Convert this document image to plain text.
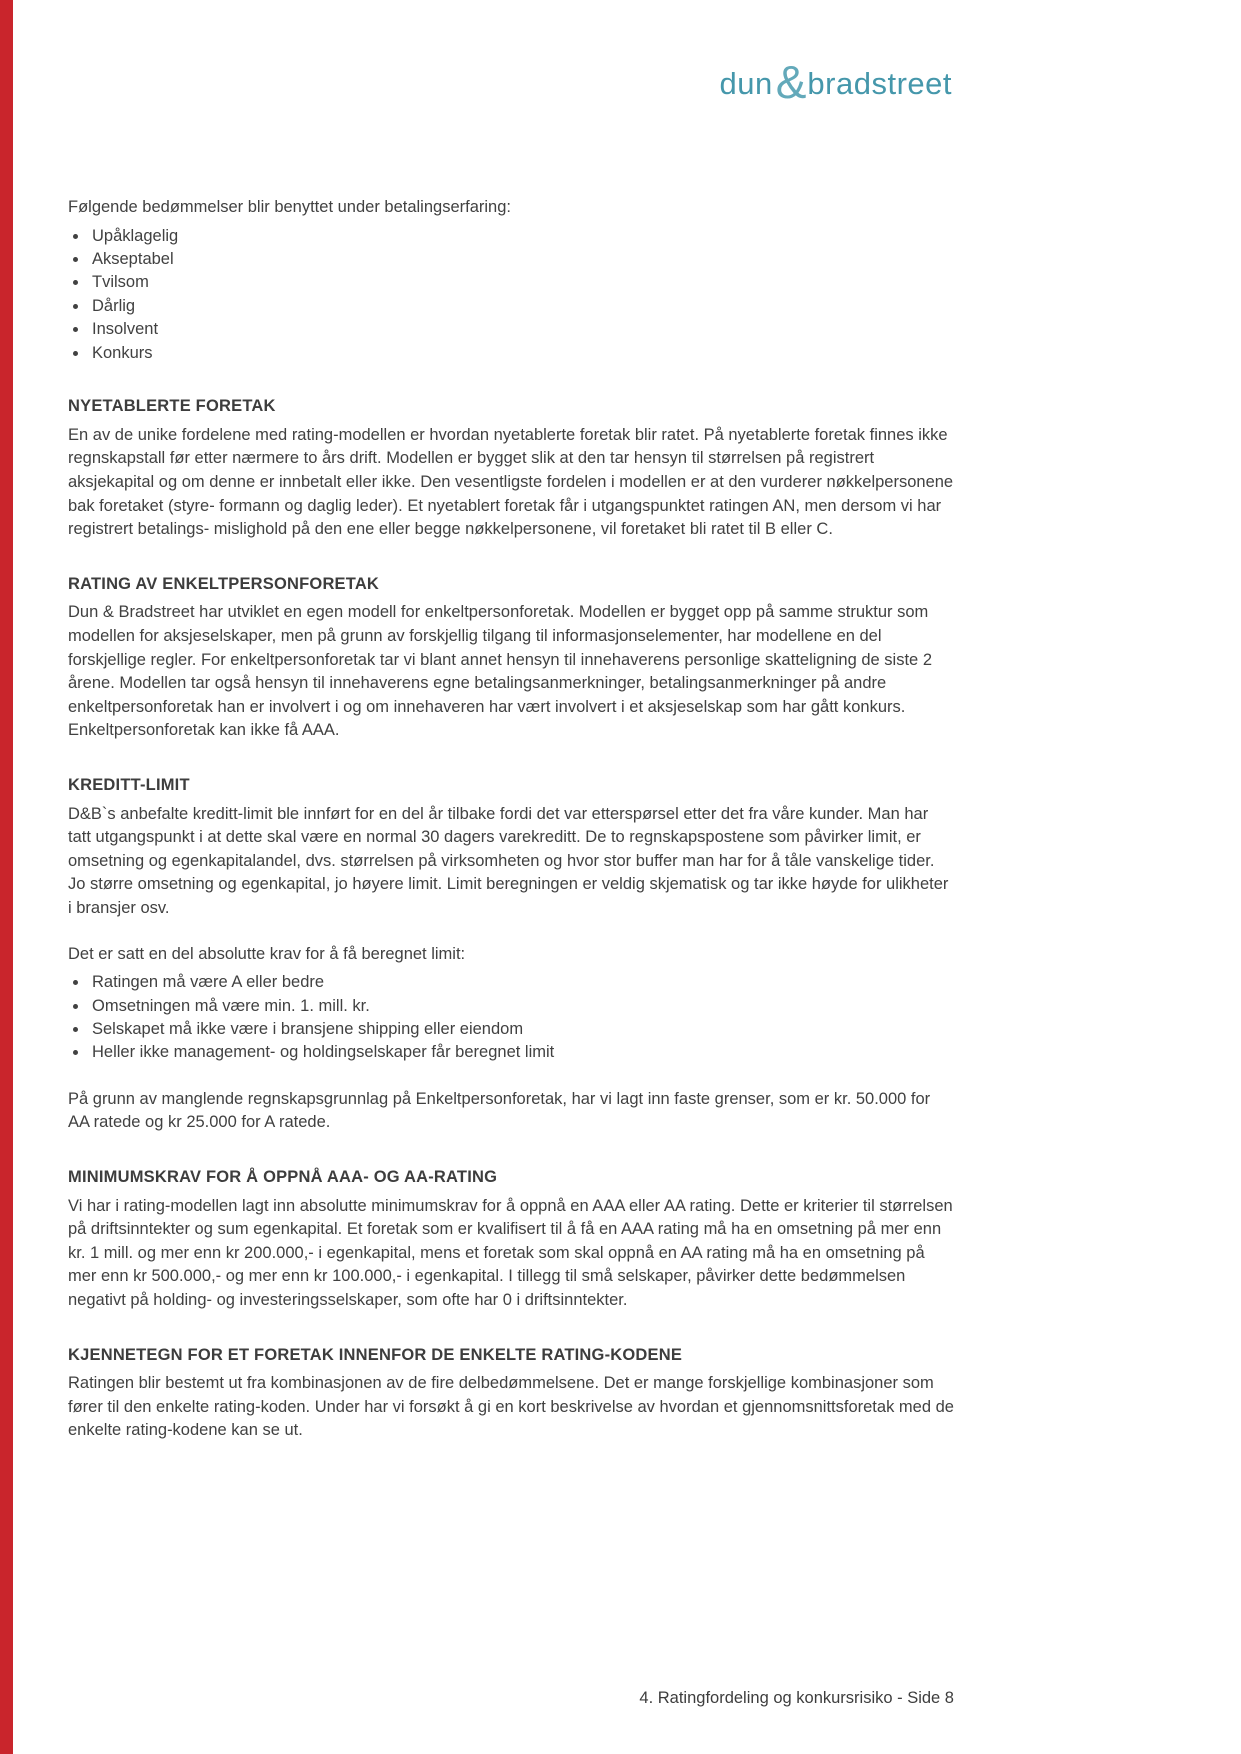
dun&bradstreet

Følgende bedømmelser blir benyttet under betalingserfaring:

• Upåklagelig
• Akseptabel
• Tvilsom
• Dårlig
• Insolvent
• Konkurs
NYETABLERTE FORETAK

En av de unike fordelene med rating-modellen er hvordan nyetablerte foretak blir ratet. På nyetablerte foretak finnes ikke regnskapstall før etter nærmere to års drift. Modellen er bygget slik at den tar hensyn til størrelsen på registrert aksjekapital og om denne er innbetalt eller ikke. Den vesentligste fordelen i modellen er at den vurderer nøkkelpersonene bak foretaket (styre- formann og daglig leder). Et nyetablert foretak får i utgangspunktet ratingen AN, men dersom vi har registrert betalings- mislighold på den ene eller begge nøkkelpersonene, vil foretaket bli ratet til B eller C.

RATING AV ENKELTPERSONFORETAK

Dun & Bradstreet har utviklet en egen modell for enkeltpersonforetak. Modellen er bygget opp på samme struktur som modellen for aksjeselskaper, men på grunn av forskjellig tilgang til informasjonselementer, har modellene en del forskjellige regler. For enkeltpersonforetak tar vi blant annet hensyn til innehaverens personlige skatteligning de siste 2 årene. Modellen tar også hensyn til innehaverens egne betalingsanmerkninger, betalingsanmerkninger på andre enkeltpersonforetak han er involvert i og om innehaveren har vært involvert i et aksjeselskap som har gått konkurs. Enkeltpersonforetak kan ikke få AAA.

KREDITT-LIMIT

D&B`s anbefalte kreditt-limit ble innført for en del år tilbake fordi det var etterspørsel etter det fra våre kunder. Man har tatt utgangspunkt i at dette skal være en normal 30 dagers varekreditt. De to regnskapspostene som påvirker limit, er omsetning og egenkapitalandel, dvs. størrelsen på virksomheten og hvor stor buffer man har for å tåle vanskelige tider. Jo større omsetning og egenkapital, jo høyere limit. Limit beregningen er veldig skjematisk og tar ikke høyde for ulikheter i bransjer osv.

Det er satt en del absolutte krav for å få beregnet limit:

• Ratingen må være A eller bedre
• Omsetningen må være min. 1. mill. kr.
• Selskapet må ikke være i bransjene shipping eller eiendom
• Heller ikke management- og holdingselskaper får beregnet limit

På grunn av manglende regnskapsgrunnlag på Enkeltpersonforetak, har vi lagt inn faste grenser, som er kr. 50.000 for AA ratede og kr 25.000 for A ratede.

MINIMUMSKRAV FOR Å OPPNÅ AAA- OG AA-RATING

Vi har i rating-modellen lagt inn absolutte minimumskrav for å oppnå en AAA eller AA rating. Dette er kriterier til størrelsen på driftsinntekter og sum egenkapital. Et foretak som er kvalifisert til å få en AAA rating må ha en omsetning på mer enn kr. 1 mill. og mer enn kr 200.000,- i egenkapital, mens et foretak som skal oppnå en AA rating må ha en omsetning på mer enn kr 500.000,- og mer enn kr 100.000,- i egenkapital. I tillegg til små selskaper, påvirker dette bedømmelsen negativt på holding- og investeringsselskaper, som ofte har 0 i driftsinntekter.

KJENNETEGN FOR ET FORETAK INNENFOR DE ENKELTE RATING-KODENE

Ratingen blir bestemt ut fra kombinasjonen av de fire delbedømmelsene. Det er mange forskjellige kombinasjoner som fører til den enkelte rating-koden. Under har vi forsøkt å gi en kort beskrivelse av hvordan et gjennomsnittsforetak med de enkelte rating-kodene kan se ut.

4. Ratingfordeling og konkursrisiko - Side 8
